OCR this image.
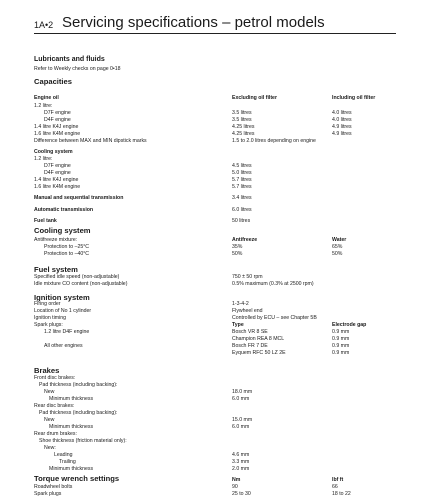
1A•2 Servicing specifications – petrol models
Lubricants and fluids
Refer to Weekly checks on page 0•18
Capacities
Excluding oil filter	Including oil filter
Engine oil
1.2 litre:
D7F engine	3.5 litres	4.0 litres
D4F engine	3.5 litres	4.0 litres
1.4 litre K4J engine	4.25 litres	4.9 litres
1.6 litre K4M engine	4.25 litres	4.9 litres
Difference between MAX and MIN dipstick marks	1.5 to 2.0 litres depending on engine
Cooling system
1.2 litre:
D7F engine	4.5 litres
D4F engine	5.0 litres
1.4 litre K4J engine	5.7 litres
1.6 litre K4M engine	5.7 litres
Manual and sequential transmission	3.4 litres
Automatic transmission	6.0 litres
Fuel tank	50 litres
Cooling system
Antifreeze mixture:	Antifreeze	Water
Protection to –25°C	35%	65%
Protection to –40°C	50%	50%
Fuel system
Specified idle speed (non-adjustable)	750 ± 50 rpm
Idle mixture CO content (non-adjustable)	0.5% maximum (0.3% at 2500 rpm)
Ignition system
Firing order	1-3-4-2
Location of No 1 cylinder	Flywheel end
Ignition timing	Controlled by ECU – see Chapter 5B
Spark plugs:	Type	Electrode gap
1.2 litre D4F engine	Bosch VR 8 SE	0.9 mm
Champion REA 8 MCL	0.9 mm
All other engines	Bosch FR 7 DE	0.9 mm
Eyquem RFC 50 LZ 2E	0.9 mm
Brakes
Front disc brakes:
Pad thickness (including backing):
New	18.0 mm
Minimum thickness	6.0 mm
Rear disc brakes:
Pad thickness (including backing):
New	15.0 mm
Minimum thickness	6.0 mm
Rear drum brakes:
Shoe thickness (friction material only):
New:
Leading	4.6 mm
Trailing	3.3 mm
Minimum thickness	2.0 mm
Torque wrench settings	Nm	lbf ft
Roadwheel bolts	90	66
Spark plugs	25 to 30	18 to 22
